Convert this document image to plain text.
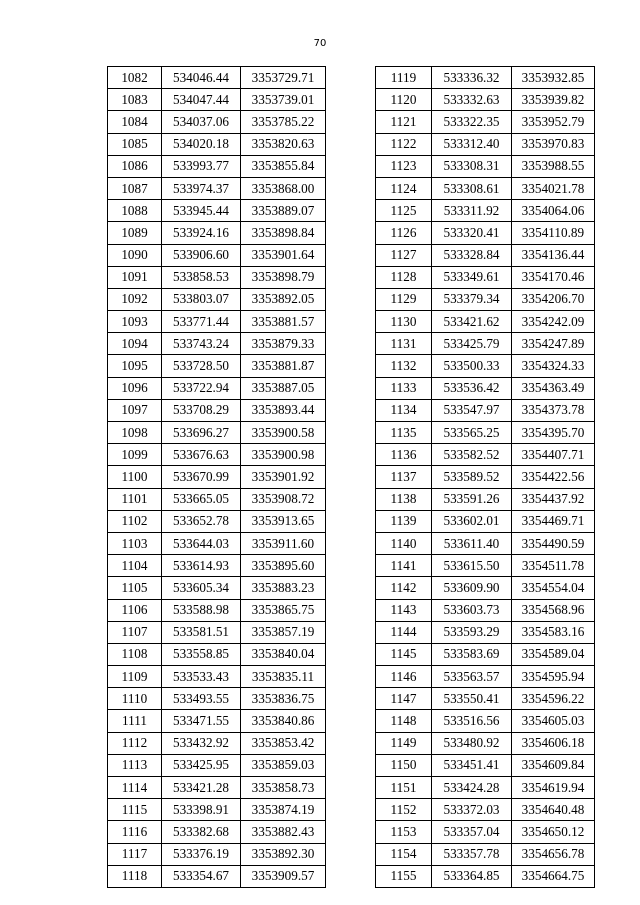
70
1082	534046.44	3353729.71
1083	534047.44	3353739.01
1084	534037.06	3353785.22
1085	534020.18	3353820.63
1086	533993.77	3353855.84
1087	533974.37	3353868.00
1088	533945.44	3353889.07
1089	533924.16	3353898.84
1090	533906.60	3353901.64
1091	533858.53	3353898.79
1092	533803.07	3353892.05
1093	533771.44	3353881.57
1094	533743.24	3353879.33
1095	533728.50	3353881.87
1096	533722.94	3353887.05
1097	533708.29	3353893.44
1098	533696.27	3353900.58
1099	533676.63	3353900.98
1100	533670.99	3353901.92
1101	533665.05	3353908.72
1102	533652.78	3353913.65
1103	533644.03	3353911.60
1104	533614.93	3353895.60
1105	533605.34	3353883.23
1106	533588.98	3353865.75
1107	533581.51	3353857.19
1108	533558.85	3353840.04
1109	533533.43	3353835.11
1110	533493.55	3353836.75
1111	533471.55	3353840.86
1112	533432.92	3353853.42
1113	533425.95	3353859.03
1114	533421.28	3353858.73
1115	533398.91	3353874.19
1116	533382.68	3353882.43
1117	533376.19	3353892.30
1118	533354.67	3353909.57
1119	533336.32	3353932.85
1120	533332.63	3353939.82
1121	533322.35	3353952.79
1122	533312.40	3353970.83
1123	533308.31	3353988.55
1124	533308.61	3354021.78
1125	533311.92	3354064.06
1126	533320.41	3354110.89
1127	533328.84	3354136.44
1128	533349.61	3354170.46
1129	533379.34	3354206.70
1130	533421.62	3354242.09
1131	533425.79	3354247.89
1132	533500.33	3354324.33
1133	533536.42	3354363.49
1134	533547.97	3354373.78
1135	533565.25	3354395.70
1136	533582.52	3354407.71
1137	533589.52	3354422.56
1138	533591.26	3354437.92
1139	533602.01	3354469.71
1140	533611.40	3354490.59
1141	533615.50	3354511.78
1142	533609.90	3354554.04
1143	533603.73	3354568.96
1144	533593.29	3354583.16
1145	533583.69	3354589.04
1146	533563.57	3354595.94
1147	533550.41	3354596.22
1148	533516.56	3354605.03
1149	533480.92	3354606.18
1150	533451.41	3354609.84
1151	533424.28	3354619.94
1152	533372.03	3354640.48
1153	533357.04	3354650.12
1154	533357.78	3354656.78
1155	533364.85	3354664.75
